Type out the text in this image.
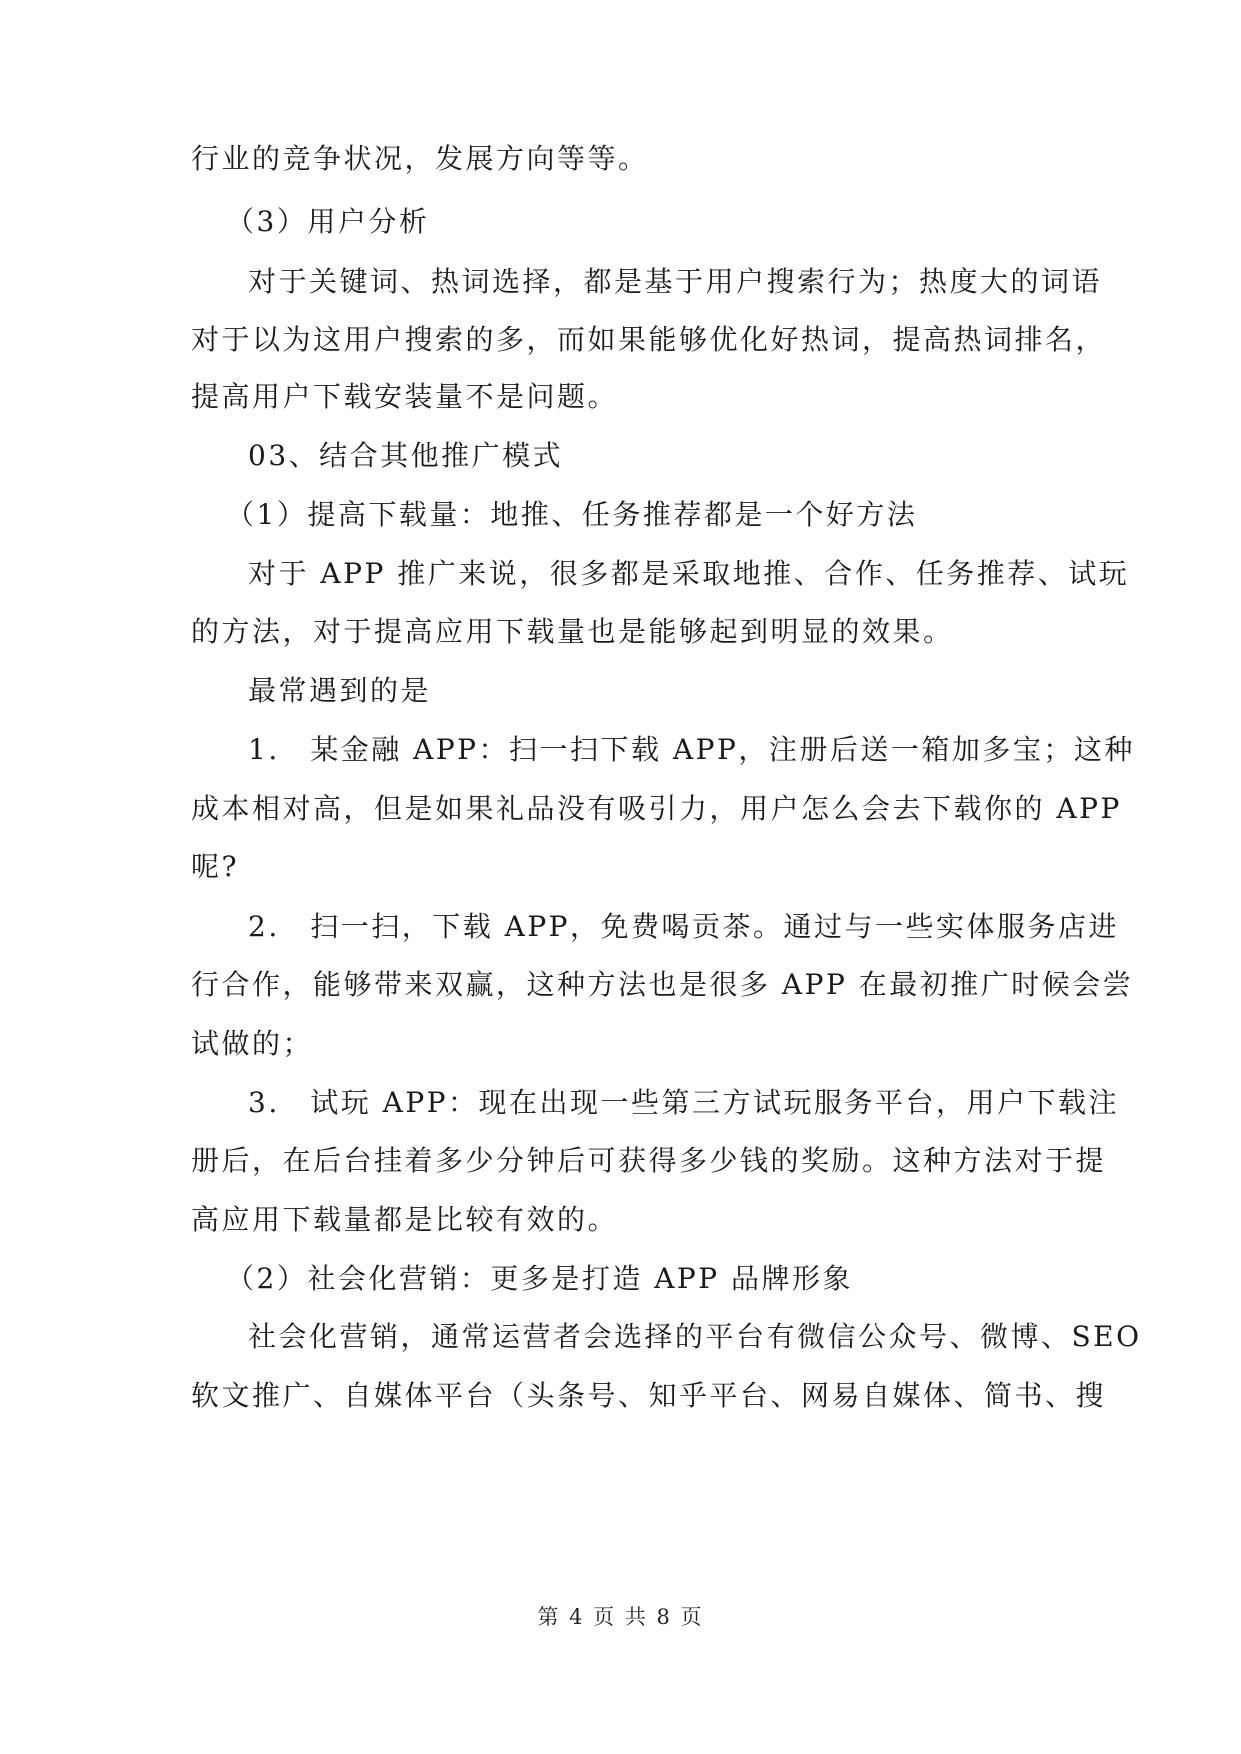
行业的竞争状况，发展方向等等。
（3）用户分析
对于关键词、热词选择，都是基于用户搜索行为；热度大的词语
对于以为这用户搜索的多，而如果能够优化好热词，提高热词排名，
提高用户下载安装量不是问题。
03、结合其他推广模式
（1）提高下载量：地推、任务推荐都是一个好方法
对于 APP 推广来说，很多都是采取地推、合作、任务推荐、试玩
的方法，对于提高应用下载量也是能够起到明显的效果。
最常遇到的是
1.　某金融 APP：扫一扫下载 APP，注册后送一箱加多宝；这种
成本相对高，但是如果礼品没有吸引力，用户怎么会去下载你的 APP
呢?
2.　扫一扫，下载 APP，免费喝贡茶。通过与一些实体服务店进
行合作，能够带来双赢，这种方法也是很多 APP 在最初推广时候会尝
试做的；
3.　试玩 APP：现在出现一些第三方试玩服务平台，用户下载注
册后，在后台挂着多少分钟后可获得多少钱的奖励。这种方法对于提
高应用下载量都是比较有效的。
（2）社会化营销：更多是打造 APP 品牌形象
社会化营销，通常运营者会选择的平台有微信公众号、微博、SEO
软文推广、自媒体平台（头条号、知乎平台、网易自媒体、简书、搜
第 4 页 共 8 页
